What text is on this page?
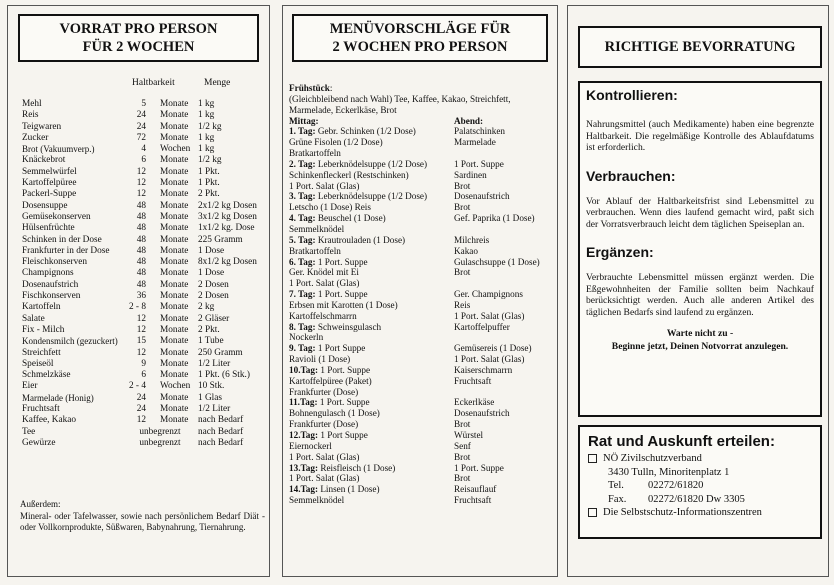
VORRAT PRO PERSON
FÜR 2 WOCHEN
Haltbarkeit	Menge
Mehl	5	Monate	1 kg
Reis	24	Monate	1 kg
Teigwaren	24	Monate	1/2 kg
Zucker	72	Monate	1 kg
Brot (Vakuumverp.)	4	Wochen	1 kg
Knäckebrot	6	Monate	1/2 kg
Semmelwürfel	12	Monate	1 Pkt.
Kartoffelpüree	12	Monate	1 Pkt.
Packerl-Suppe	12	Monate	2 Pkt.
Dosensuppe	48	Monate	2x1/2 kg Dosen
Gemüsekonserven	48	Monate	3x1/2 kg Dosen
Hülsenfrüchte	48	Monate	1x1/2 kg. Dose
Schinken in der Dose	48	Monate	225 Gramm
Frankfurter in der Dose	48	Monate	1 Dose
Fleischkonserven	48	Monate	8x1/2 kg Dosen
Champignons	48	Monate	1 Dose
Dosenaufstrich	48	Monate	2 Dosen
Fischkonserven	36	Monate	2 Dosen
Kartoffeln	2 - 8	Monate	2 kg
Salate	12	Monate	2 Gläser
Fix - Milch	12	Monate	2 Pkt.
Kondensmilch (gezuckert)	15	Monate	1 Tube
Streichfett	12	Monate	250 Gramm
Speiseöl	9	Monate	1/2 Liter
Schmelzkäse	6	Monate	1 Pkt. (6 Stk.)
Eier	2 - 4	Wochen	10 Stk.
Marmelade (Honig)	24	Monate	1 Glas
Fruchtsaft	24	Monate	1/2 Liter
Kaffee, Kakao	12	Monate	nach Bedarf
Tee	unbegrenzt		nach Bedarf
Gewürze	unbegrenzt		nach Bedarf
Außerdem:
Mineral- oder Tafelwasser, sowie nach persönlichem Bedarf Diät - oder Vollkornprodukte, Süßwaren, Babynahrung, Tiernahrung.
MENÜVORSCHLÄGE FÜR
2 WOCHEN PRO PERSON
Frühstück:
(Gleichbleibend nach Wahl) Tee, Kaffee, Kakao, Streichfett,
Marmelade, Eckerlkäse, Brot
Mittag:	Abend:
1. Tag: Gebr. Schinken (1/2 Dose)	Palatschinken
Grüne Fisolen (1/2 Dose)	Marmelade
Bratkartoffeln
2. Tag: Leberknödelsuppe (1/2 Dose)	1 Port. Suppe
Schinkenfleckerl (Restschinken)	Sardinen
1 Port. Salat (Glas)	Brot
3. Tag: Leberknödelsuppe (1/2 Dose)	Dosenaufstrich
Letscho (1 Dose) Reis	Brot
4. Tag: Beuschel (1 Dose)	Gef. Paprika (1 Dose)
Semmelknödel
5. Tag: Krautrouladen (1 Dose)	Milchreis
Bratkartoffeln	Kakao
6. Tag: 1 Port. Suppe	Gulaschsuppe (1 Dose)
Ger. Knödel mit Ei	Brot
1 Port. Salat (Glas)
7. Tag: 1 Port. Suppe	Ger. Champignons
Erbsen mit Karotten (1 Dose)	Reis
Kartoffelschmarrn	1 Port. Salat (Glas)
8. Tag: Schweinsgulasch	Kartoffelpuffer
Nockerln
9. Tag: 1 Port Suppe	Gemüsereis (1 Dose)
Ravioli (1 Dose)	1 Port. Salat (Glas)
10.Tag: 1 Port. Suppe	Kaiserschmarrn
Kartoffelpüree (Paket)	Fruchtsaft
Frankfurter (Dose)
11.Tag: 1 Port. Suppe	Eckerlkäse
Bohnengulasch (1 Dose)	Dosenaufstrich
Frankfurter (Dose)	Brot
12.Tag: 1 Port Suppe	Würstel
Eiernockerl	Senf
1 Port. Salat (Glas)	Brot
13.Tag: Reisfleisch (1 Dose)	1 Port. Suppe
1 Port. Salat (Glas)	Brot
14.Tag: Linsen (1 Dose)	Reisauflauf
Semmelknödel	Fruchtsaft
RICHTIGE BEVORRATUNG
Kontrollieren:
Nahrungsmittel (auch Medikamente) haben eine begrenzte Haltbarkeit. Die regelmäßige Kontrolle des Ablaufdatums ist erforderlich.
Verbrauchen:
Vor Ablauf der Haltbarkeitsfrist sind Lebensmittel zu verbrauchen. Wenn dies laufend gemacht wird, paßt sich der Vorratsverbrauch leicht dem täglichen Speiseplan an.
Ergänzen:
Verbrauchte Lebensmittel müssen ergänzt werden. Die Eßgewohnheiten der Familie sollten beim Nachkauf berücksichtigt werden. Auch alle anderen Artikel des täglichen Bedarfs sind laufend zu ergänzen.
Warte nicht zu -
Beginne jetzt, Deinen Notvorrat anzulegen.
Rat und Auskunft erteilen:
NÖ Zivilschutzverband
3430 Tulln, Minoritenplatz 1
Tel. 02272/61820
Fax. 02272/61820 Dw 3305
Die Selbstschutz-Informationszentren
